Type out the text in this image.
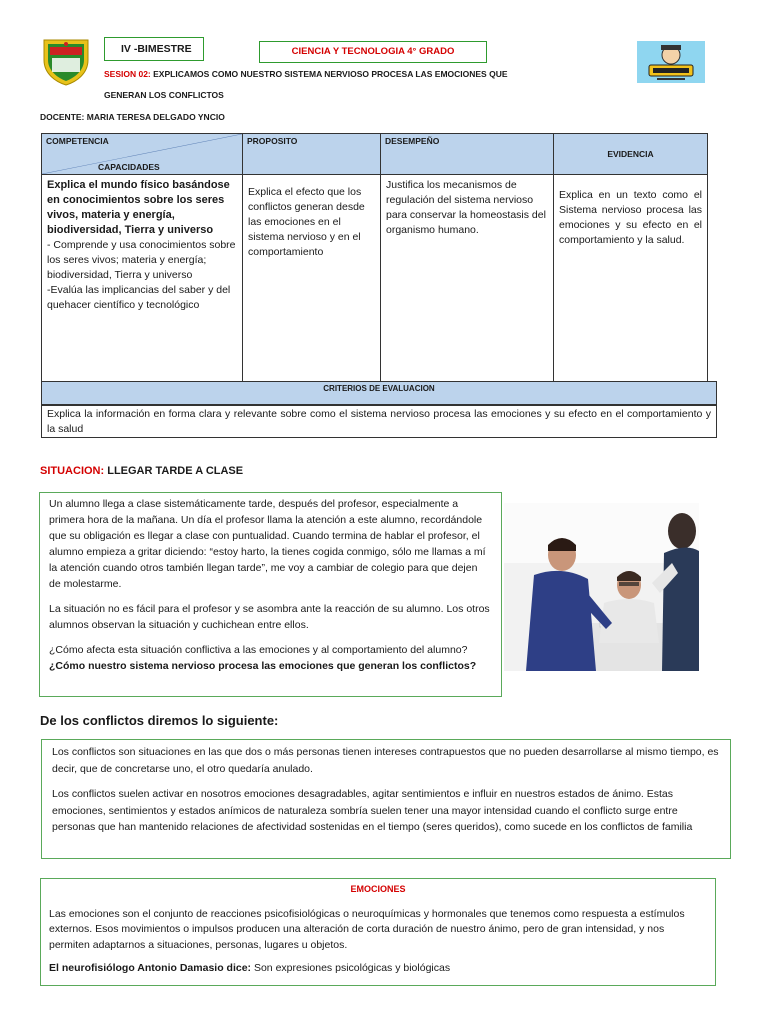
IV -BIMESTRE	CIENCIA Y TECNOLOGIA 4° GRADO
SESION 02: EXPLICAMOS COMO NUESTRO SISTEMA NERVIOSO PROCESA LAS EMOCIONES QUE
GENERAN LOS CONFLICTOS
DOCENTE: MARIA TERESA DELGADO YNCIO
COMPETENCIA
CAPACIDADES	PROPOSITO	DESEMPEÑO	EVIDENCIA

Explica el mundo físico basándose en conocimientos sobre los seres vivos, materia y energía, biodiversidad, Tierra y universo
- Comprende y usa conocimientos sobre los seres vivos; materia y energía; biodiversidad, Tierra y universo
-Evalúa las implicancias del saber y del quehacer científico y tecnológico	Explica el efecto que los conflictos generan desde las emociones en el sistema nervioso y en el comportamiento	Justifica los mecanismos de regulación del sistema nervioso para conservar la homeostasis del organismo humano.	Explica en un texto como el Sistema nervioso procesa las emociones y su efecto en el comportamiento y la salud.
CRITERIOS DE EVALUACION
Explica la información en forma clara y relevante sobre como el sistema nervioso procesa las emociones y su efecto en el comportamiento y la salud
SITUACION: LLEGAR TARDE A CLASE

Un alumno llega a clase sistemáticamente tarde, después del profesor, especialmente a primera hora de la mañana. Un día el profesor llama la atención a este alumno, recordándole que su obligación es llegar a clase con puntualidad. Cuando termina de hablar el profesor, el alumno empieza a gritar diciendo: “estoy harto, la tienes cogida conmigo, sólo me llamas a mí la atención cuando otros también llegan tarde”, me voy a cambiar de colegio para que dejen de molestarme.

La situación no es fácil para el profesor y se asombra ante la reacción de su alumno. Los otros alumnos observan la situación y cuchichean entre ellos.

¿Cómo afecta esta situación conflictiva a las emociones y al comportamiento del alumno? ¿Cómo nuestro sistema nervioso procesa las emociones que generan los conflictos?

De los conflictos diremos lo siguiente:

Los conflictos son situaciones en las que dos o más personas tienen intereses contrapuestos que no pueden desarrollarse al mismo tiempo, es decir, que de concretarse uno, el otro quedaría anulado.

Los conflictos suelen activar en nosotros emociones desagradables, agitar sentimientos e influir en nuestros estados de ánimo. Estas emociones, sentimientos y estados anímicos de naturaleza sombría suelen tener una mayor intensidad cuando el conflicto surge entre personas que han mantenido relaciones de afectividad sostenidas en el tiempo (seres queridos), como sucede en los conflictos de familia

EMOCIONES

Las emociones son el conjunto de reacciones psicofisiológicas o neuroquímicas y hormonales que tenemos como respuesta a estímulos externos. Esos movimientos o impulsos producen una alteración de corta duración de nuestro ánimo, pero de gran intensidad, y nos permiten adaptarnos a situaciones, personas, lugares u objetos.

El neurofisiólogo Antonio Damasio dice: Son expresiones psicológicas y biológicas
